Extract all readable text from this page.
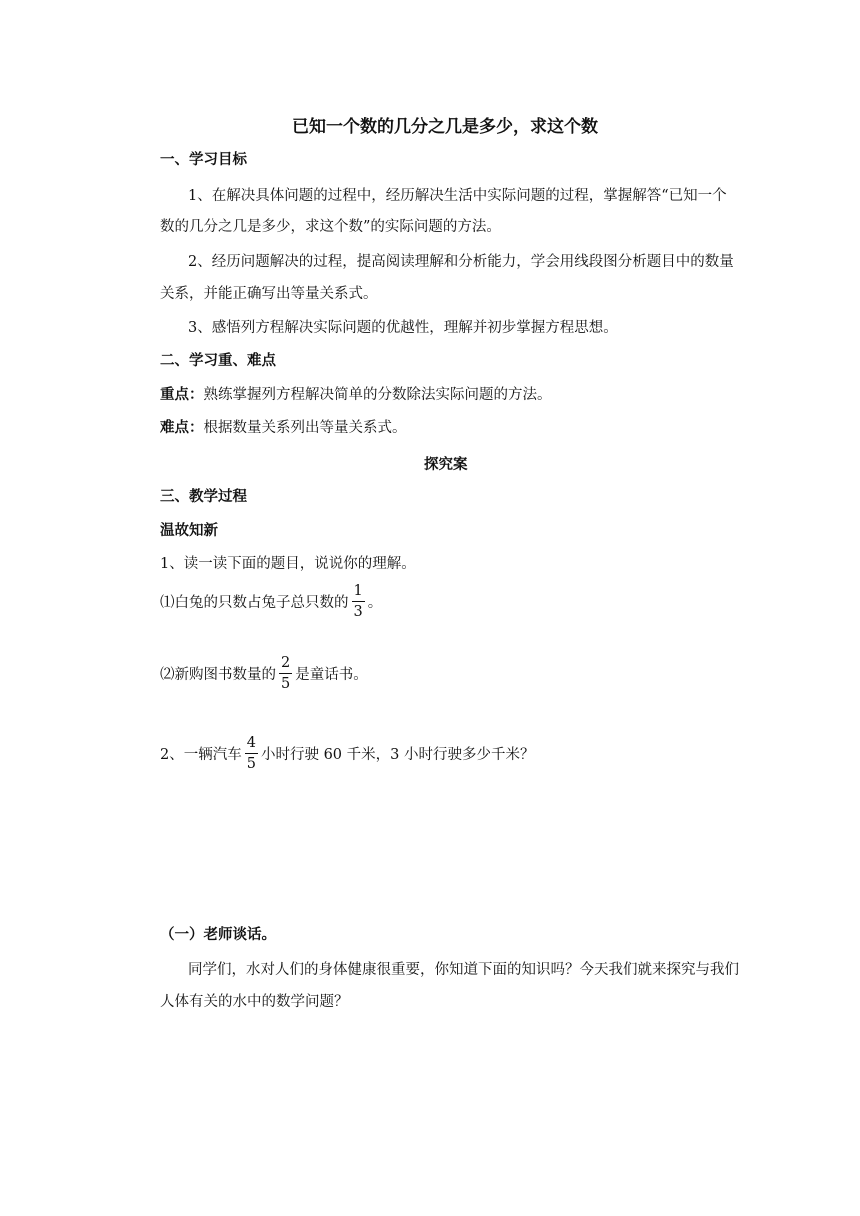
已知一个数的几分之几是多少，求这个数
一、学习目标
1、在解决具体问题的过程中，经历解决生活中实际问题的过程，掌握解答“已知一个
数的几分之几是多少，求这个数”的实际问题的方法。
2、经历问题解决的过程，提高阅读理解和分析能力，学会用线段图分析题目中的数量
关系，并能正确写出等量关系式。
3、感悟列方程解决实际问题的优越性，理解并初步掌握方程思想。
二、学习重、难点
重点：熟练掌握列方程解决简单的分数除法实际问题的方法。
难点：根据数量关系列出等量关系式。
探究案
三、教学过程
温故知新
1、读一读下面的题目，说说你的理解。
⑴白兔的只数占兔子总只数的 $\frac{1}{3}$ 。
⑵新购图书数量的 $\frac{2}{5}$ 是童话书。
2、一辆汽车 $\frac{4}{5}$ 小时行驶 60 千米，3 小时行驶多少千米？
（一）老师谈话。
同学们，水对人们的身体健康很重要，你知道下面的知识吗？今天我们就来探究与我们
人体有关的水中的数学问题？
